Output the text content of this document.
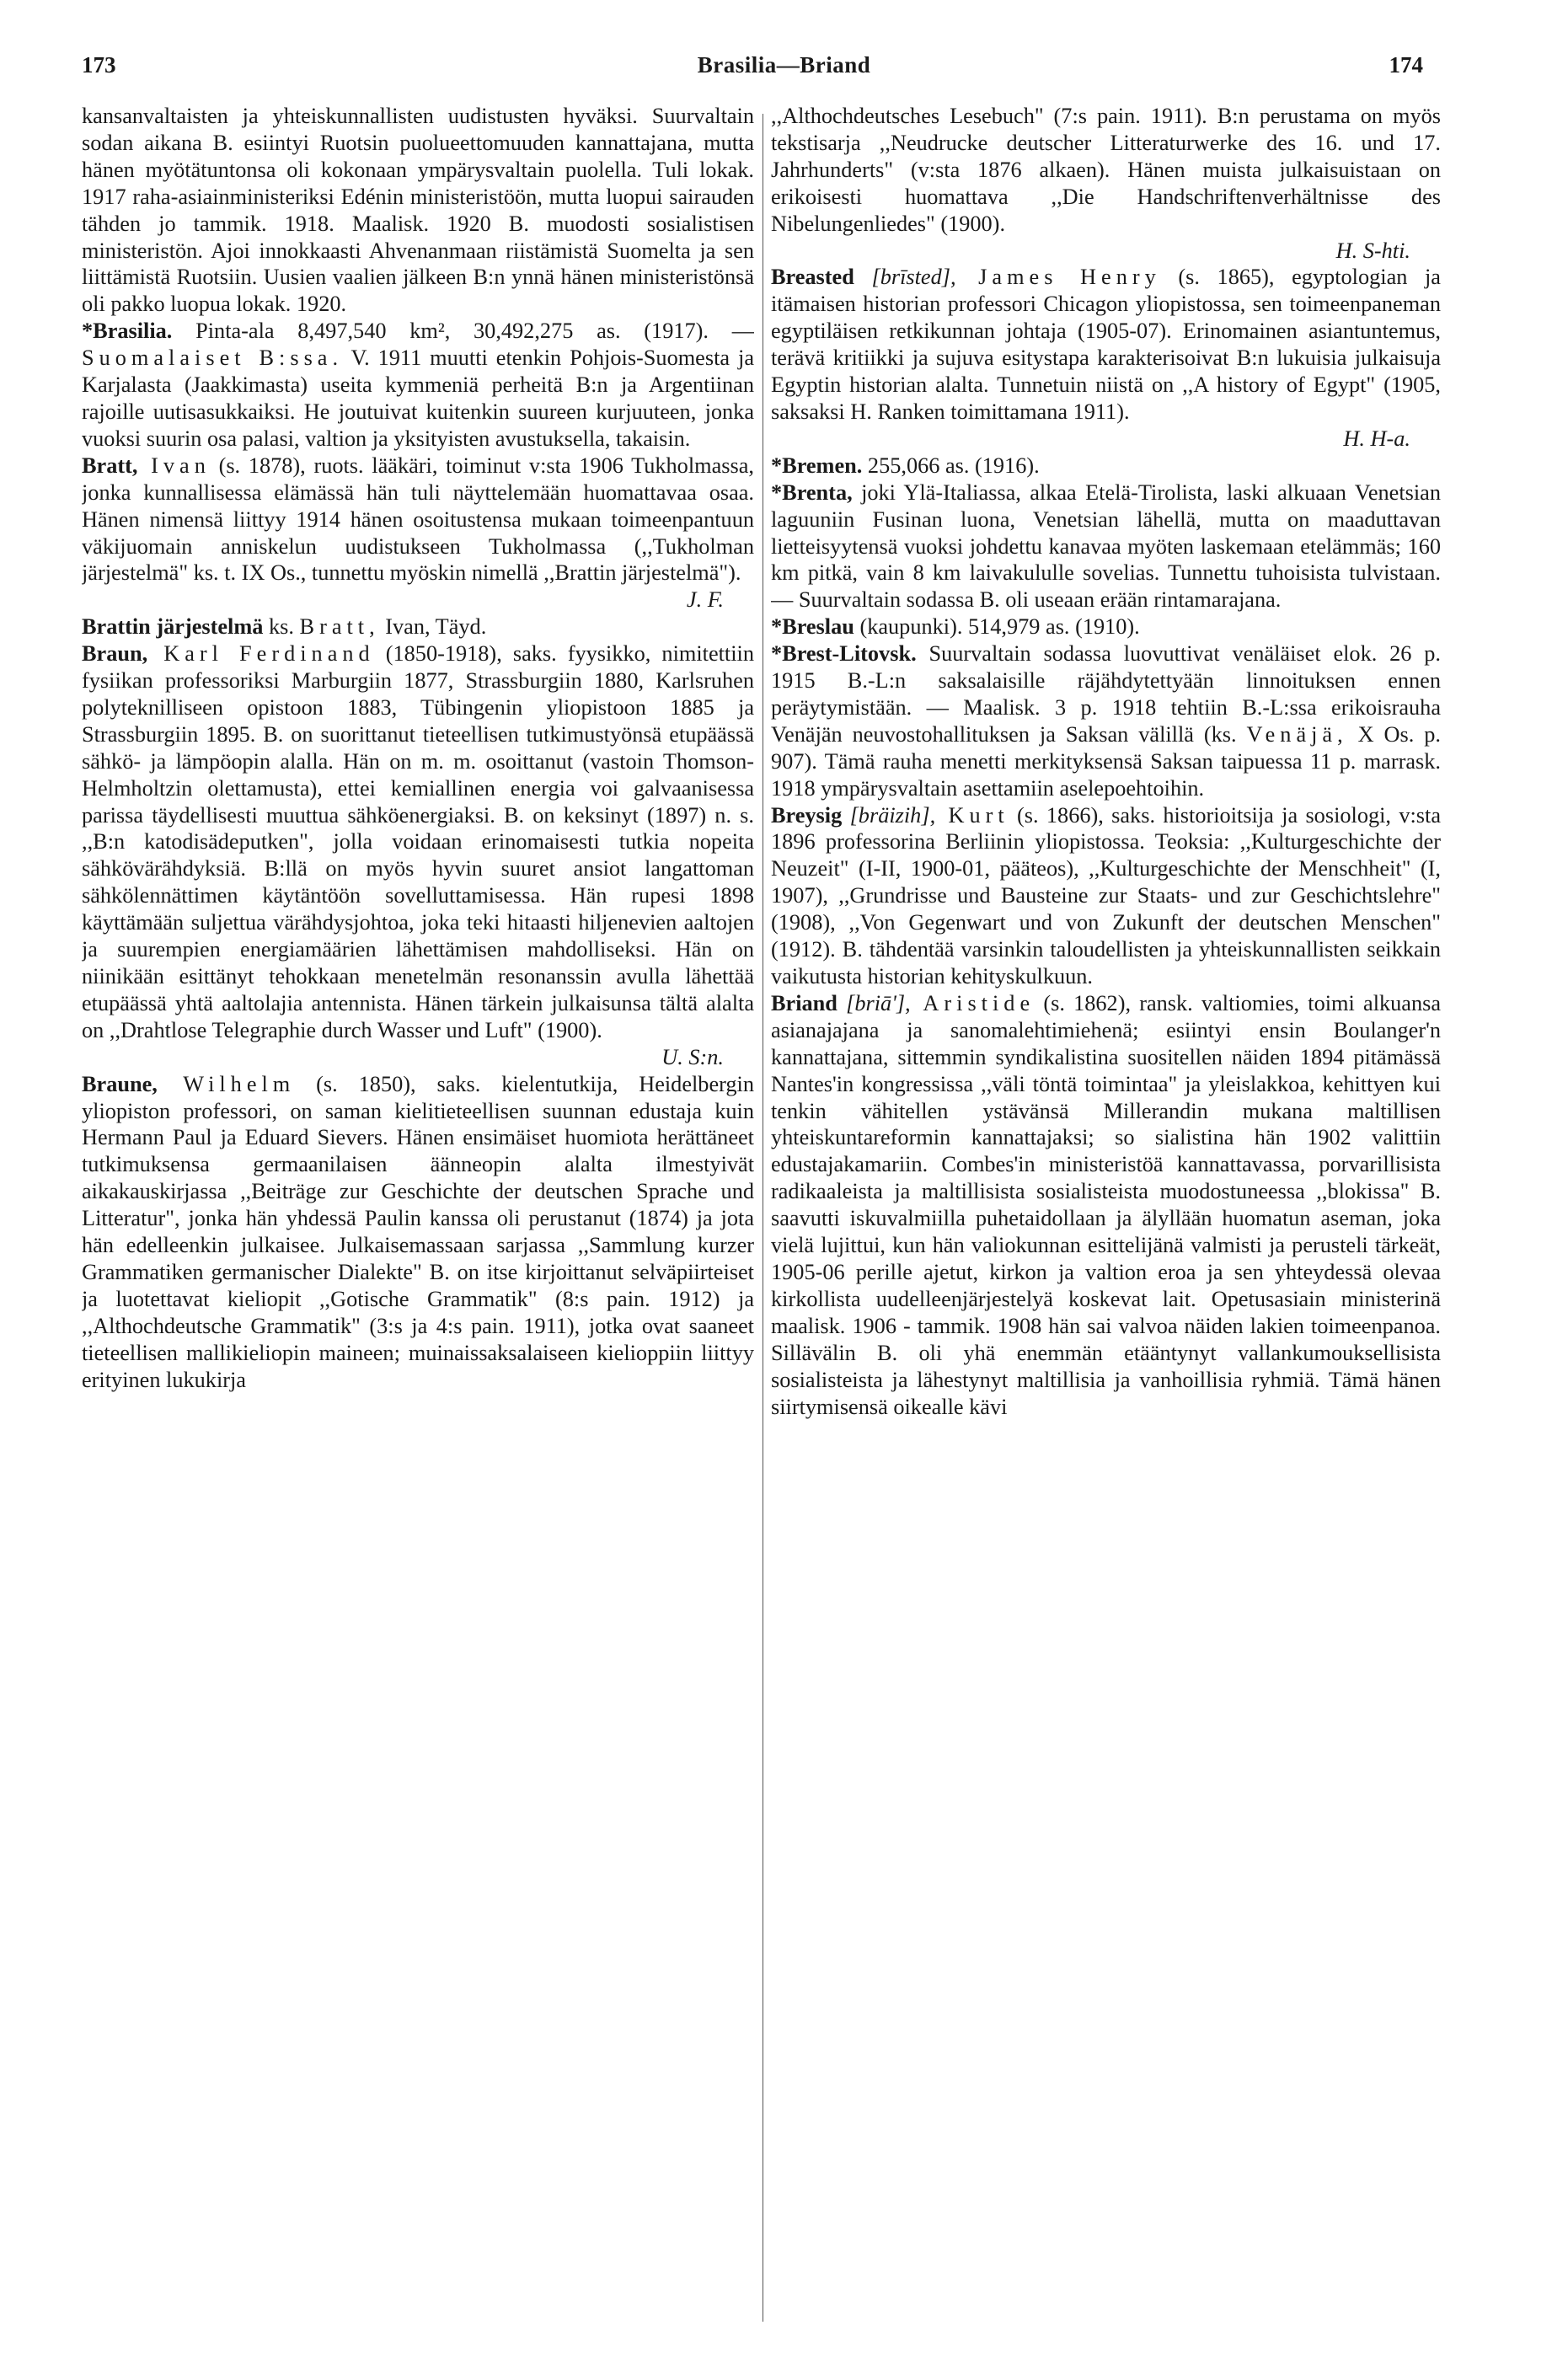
173	Brasilia—Briand	174

kansanvaltaisten ja yhteiskunnallisten uudistusten hyväksi. Suurvaltain sodan aikana B. esiintyi Ruotsin puolueettomuuden kannattajana, mutta hänen myötätuntonsa oli kokonaan ympärysvaltain puolella. Tuli lokak. 1917 raha-asiainministeriksi Edénin ministeristöön, mutta luopui sairauden tähden jo tammik. 1918. Maalisk. 1920 B. muodosti sosialistisen ministeristön. Ajoi innokkaasti Ahvenanmaan riistämistä Suomelta ja sen liittämistä Ruotsiin. Uusien vaalien jälkeen B:n ynnä hänen ministeristönsä oli pakko luopua lokak. 1920.

*Brasilia. Pinta-ala 8,497,540 km², 30,492,275 as. (1917). — Suomalaiset B:ssa. V. 1911 muutti etenkin Pohjois-Suomesta ja Karjalasta (Jaakkimasta) useita kymmeniä perheitä B:n ja Argentiinan rajoille uutisasukkaiksi. He joutuivat kuitenkin suureen kurjuuteen, jonka vuoksi suurin osa palasi, valtion ja yksityisten avustuksella, takaisin.

Bratt, Ivan (s. 1878), ruots. lääkäri, toiminut v:sta 1906 Tukholmassa, jonka kunnallisessa elämässä hän tuli näyttelemään huomattavaa osaa. Hänen nimensä liittyy 1914 hänen osoitustensa mukaan toimeenpantuun väkijuomain anniskelun uudistukseen Tukholmassa (,,Tukholman järjestelmä" ks. t. IX Os., tunnettu myöskin nimellä ,,Brattin järjestelmä").
J. F.

Brattin järjestelmä ks. Bratt, Ivan, Täyd.

Braun, Karl Ferdinand (1850-1918), saks. fyysikko, nimitettiin fysiikan professoriksi Marburgiin 1877, Strassburgiin 1880, Karlsruhen polyteknilliseen opistoon 1883, Tübingenin yliopistoon 1885 ja Strassburgiin 1895. B. on suorittanut tieteellisen tutkimustyönsä etupäässä sähkö- ja lämpöopin alalla. Hän on m. m. osoittanut (vastoin Thomson-Helmholtzin olettamusta), ettei kemiallinen energia voi galvaanisessa parissa täydellisesti muuttua sähköenergiaksi. B. on keksinyt (1897) n. s. ,,B:n katodisädeputken", jolla voidaan erinomaisesti tutkia nopeita sähkövärähdyksiä. B:llä on myös hyvin suuret ansiot langattoman sähkölennättimen käytäntöön sovelluttamisessa. Hän rupesi 1898 käyttämään suljettua värähdysjohtoa, joka teki hitaasti hiljenevien aaltojen ja suurempien energiamäärien lähettämisen mahdolliseksi. Hän on niinikään esittänyt tehokkaan menetelmän resonanssin avulla lähettää etupäässä yhtä aaltolajia antennista. Hänen tärkein julkaisunsa tältä alalta on ,,Drahtlose Telegraphie durch Wasser und Luft" (1900).
U. S:n.

Braune, Wilhelm (s. 1850), saks. kielentutkija, Heidelbergin yliopiston professori, on saman kielitieteellisen suunnan edustaja kuin Hermann Paul ja Eduard Sievers. Hänen ensimäiset huomiota herättäneet tutkimuksensa germaanilaisen äänneopin alalta ilmestyivät aikakauskirjassa ,,Beiträge zur Geschichte der deutschen Sprache und Litteratur", jonka hän yhdessä Paulin kanssa oli perustanut (1874) ja jota hän edelleenkin julkaisee. Julkaisemassaan sarjassa ,,Sammlung kurzer Grammatiken germanischer Dialekte" B. on itse kirjoittanut selväpiirteiset ja luotettavat kieliopit ,,Gotische Grammatik" (8:s pain. 1912) ja ,,Althochdeutsche Grammatik" (3:s ja 4:s pain. 1911), jotka ovat saaneet tieteellisen mallikieliopin maineen; muinaissaksalaiseen kielioppiin liittyy erityinen lukukirja

,,Althochdeutsches Lesebuch" (7:s pain. 1911). B:n perustama on myös tekstisarja ,,Neudrucke deutscher Litteraturwerke des 16. und 17. Jahrhunderts" (v:sta 1876 alkaen). Hänen muista julkaisuistaan on erikoisesti huomattava ,,Die Handschriftenverhältnisse des Nibelungenliedes" (1900).
H. S-hti.

Breasted [brīsted], James Henry (s. 1865), egyptologian ja itämaisen historian professori Chicagon yliopistossa, sen toimeenpaneman egyptiläisen retkikunnan johtaja (1905-07). Erinomainen asiantuntemus, terävä kritiikki ja sujuva esitystapa karakterisoivat B:n lukuisia julkaisuja Egyptin historian alalta. Tunnetuin niistä on ,,A history of Egypt" (1905, saksaksi H. Ranken toimittamana 1911).
H. H-a.

*Bremen. 255,066 as. (1916).

*Brenta, joki Ylä-Italiassa, alkaa Etelä-Tirolista, laski alkuaan Venetsian laguuniin Fusinan luona, Venetsian lähellä, mutta on maaduttavan lietteisyytensä vuoksi johdettu kanavaa myöten laskemaan etelämmäs; 160 km pitkä, vain 8 km laivakululle sovelias. Tunnettu tuhoisista tulvistaan. — Suurvaltain sodassa B. oli useaan erään rintamarajana.

*Breslau (kaupunki). 514,979 as. (1910).

*Brest-Litovsk. Suurvaltain sodassa luovuttivat venäläiset elok. 26 p. 1915 B.-L:n saksalaisille räjähdytettyään linnoituksen ennen peräytymistään. — Maalisk. 3 p. 1918 tehtiin B.-L:ssa erikoisrauha Venäjän neuvostohallituksen ja Saksan välillä (ks. Venäjä, X Os. p. 907). Tämä rauha menetti merkityksensä Saksan taipuessa 11 p. marrask. 1918 ympärysvaltain asettamiin aselepoehtoihin.

Breysig [bräizih], Kurt (s. 1866), saks. historioitsija ja sosiologi, v:sta 1896 professorina Berliinin yliopistossa. Teoksia: ,,Kulturgeschichte der Neuzeit" (I-II, 1900-01, pääteos), ,,Kulturgeschichte der Menschheit" (I, 1907), ,,Grundrisse und Bausteine zur Staats- und zur Geschichtslehre" (1908), ,,Von Gegenwart und von Zukunft der deutschen Menschen" (1912). B. tähdentää varsinkin taloudellisten ja yhteiskunnallisten seikkain vaikutusta historian kehityskulkuun.

Briand [briā'], Aristide (s. 1862), ransk. valtiomies, toimi alkuansa asianajajana ja sanomalehtimiehenä; esiintyi ensin Boulanger'n kannattajana, sittemmin syndikalistina suositellen näiden 1894 pitämässä Nantes'in kongressissa ,,väli töntä toimintaa" ja yleislakkoa, kehittyen kui tenkin vähitellen ystävänsä Millerandin mukana maltillisen yhteiskuntareformin kannattajaksi; so sialistina hän 1902 valittiin edustajakamariin. Combes'in ministeristöä kannattavassa, porvarillisista radikaaleista ja maltillisista sosialisteista muodostuneessa ,,blokissa" B. saavutti iskuvalmiilla puhetaidollaan ja älyllään huomatun aseman, joka vielä lujittui, kun hän valiokunnan esittelijänä valmisti ja perusteli tärkeät, 1905-06 perille ajetut, kirkon ja valtion eroa ja sen yhteydessä olevaa kirkollista uudelleenjärjestelyä koskevat lait. Opetusasiain ministerinä maalisk. 1906 - tammik. 1908 hän sai valvoa näiden lakien toimeenpanoa. Sillävälin B. oli yhä enemmän etääntynyt vallankumouksellisista sosialisteista ja lähestynyt maltillisia ja vanhoillisia ryhmiä. Tämä hänen siirtymisensä oikealle kävi
